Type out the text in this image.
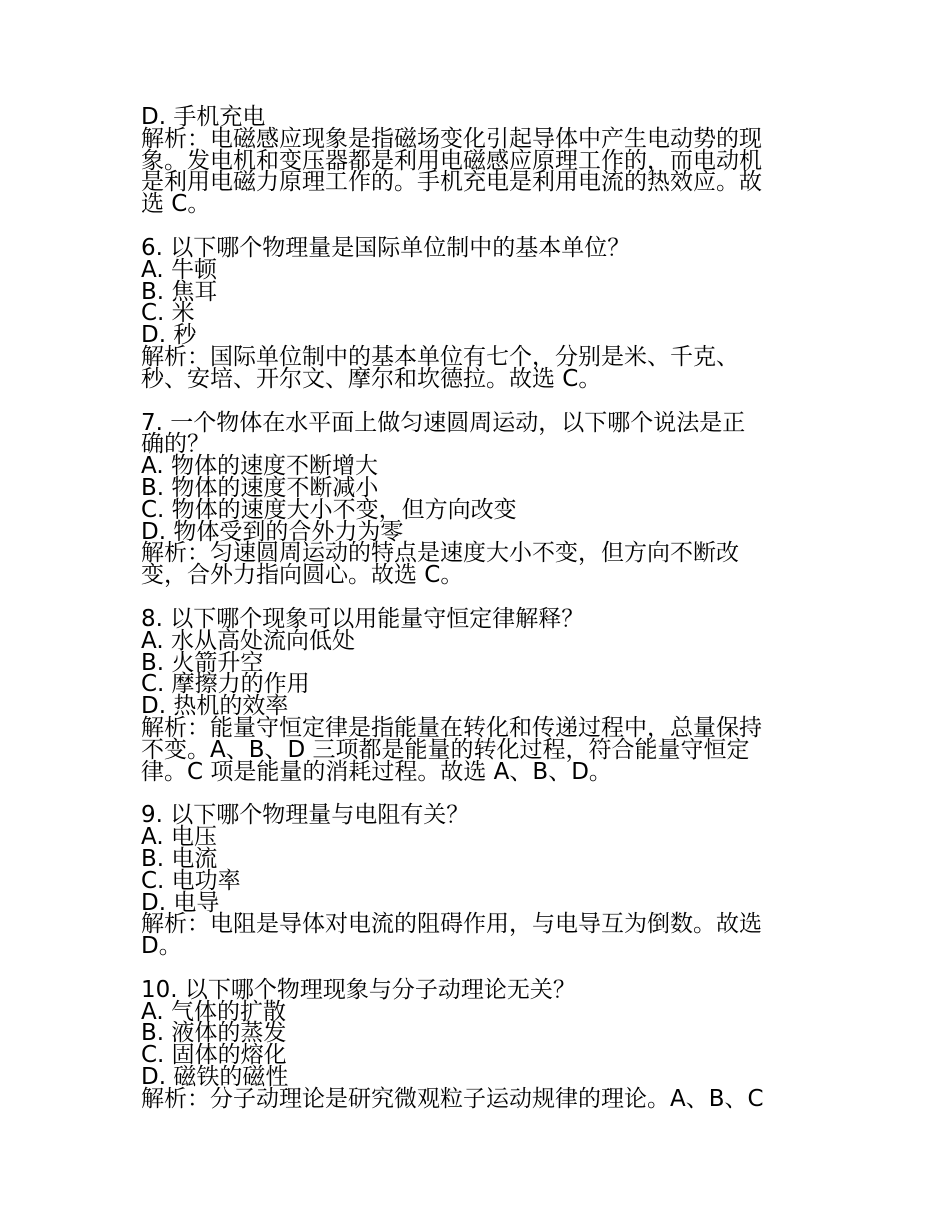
D. 手机充电
解析：电磁感应现象是指磁场变化引起导体中产生电动势的现
象。发电机和变压器都是利用电磁感应原理工作的，而电动机
是利用电磁力原理工作的。手机充电是利用电流的热效应。故
选 C。
6. 以下哪个物理量是国际单位制中的基本单位？
A. 牛顿
B. 焦耳
C. 米
D. 秒
解析：国际单位制中的基本单位有七个，分别是米、千克、
秒、安培、开尔文、摩尔和坎德拉。故选 C。
7. 一个物体在水平面上做匀速圆周运动，以下哪个说法是正
确的？
A. 物体的速度不断增大
B. 物体的速度不断减小
C. 物体的速度大小不变，但方向改变
D. 物体受到的合外力为零
解析：匀速圆周运动的特点是速度大小不变，但方向不断改
变，合外力指向圆心。故选 C。
8. 以下哪个现象可以用能量守恒定律解释？
A. 水从高处流向低处
B. 火箭升空
C. 摩擦力的作用
D. 热机的效率
解析：能量守恒定律是指能量在转化和传递过程中，总量保持
不变。A、B、D 三项都是能量的转化过程，符合能量守恒定
律。C 项是能量的消耗过程。故选 A、B、D。
9. 以下哪个物理量与电阻有关？
A. 电压
B. 电流
C. 电功率
D. 电导
解析：电阻是导体对电流的阻碍作用，与电导互为倒数。故选
D。
10. 以下哪个物理现象与分子动理论无关？
A. 气体的扩散
B. 液体的蒸发
C. 固体的熔化
D. 磁铁的磁性
解析：分子动理论是研究微观粒子运动规律的理论。A、B、C
